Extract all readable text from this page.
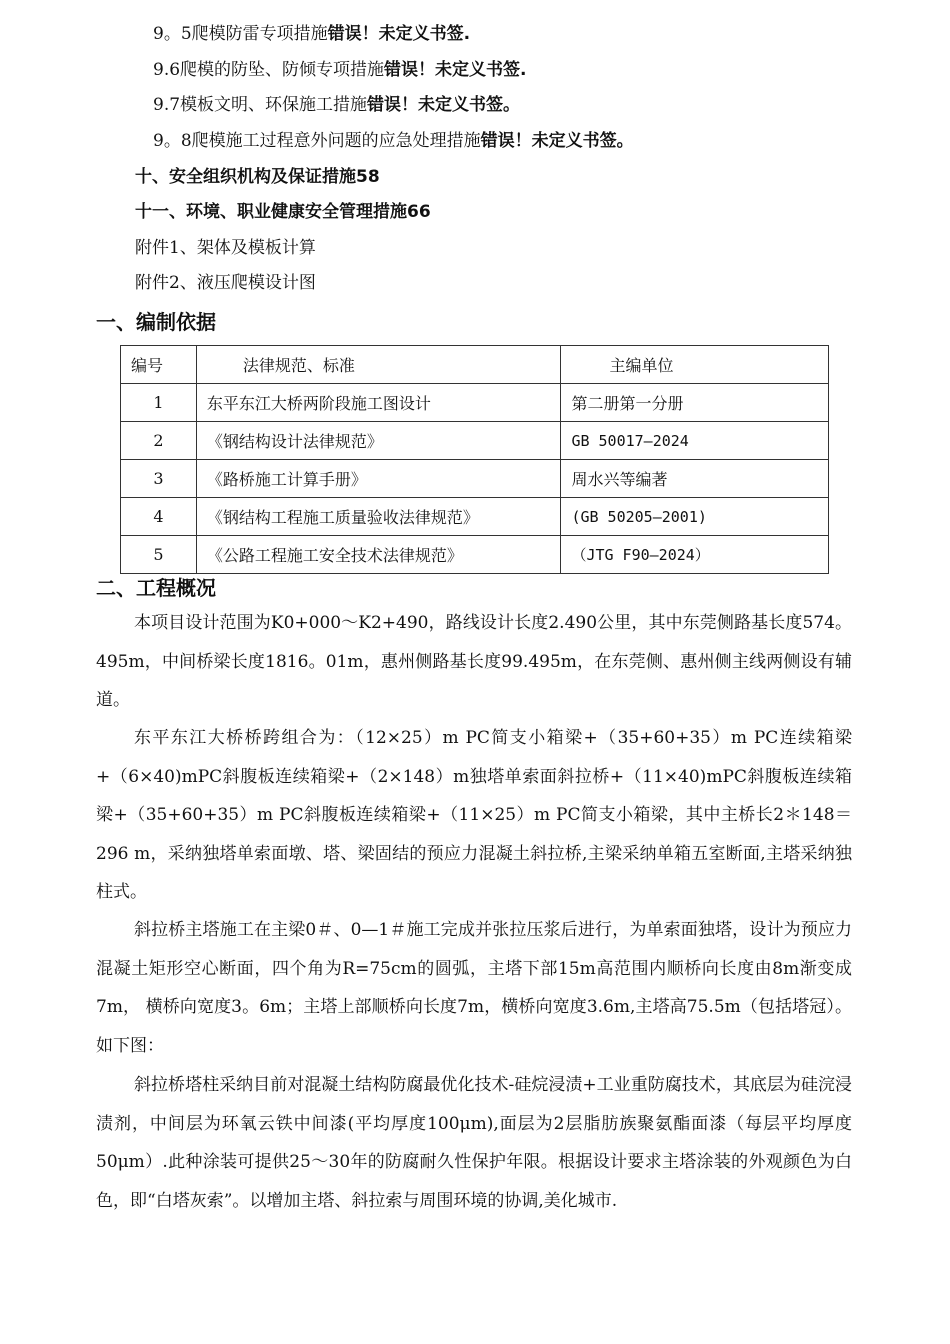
9。5爬模防雷专项措施错误！未定义书签.
9.6爬模的防坠、防倾专项措施错误！未定义书签.
9.7模板文明、环保施工措施错误！未定义书签。
9。8爬模施工过程意外问题的应急处理措施错误！未定义书签。
十、安全组织机构及保证措施58
十一、环境、职业健康安全管理措施66
附件1、架体及模板计算
附件2、液压爬模设计图
一、编制依据
编号	法律规范、标准	主编单位
1	东平东江大桥两阶段施工图设计	第二册第一分册
2	《钢结构设计法律规范》	GB 50017—2024
3	《路桥施工计算手册》	周水兴等编著
4	《钢结构工程施工质量验收法律规范》	(GB 50205—2001)
5	《公路工程施工安全技术法律规范》	（JTG F90—2024）
二、工程概况

本项目设计范围为K0+000～K2+490，路线设计长度2.490公里，其中东莞侧路基长度574。495m，中间桥梁长度1816。01m，惠州侧路基长度99.495m，在东莞侧、惠州侧主线两侧设有辅道。

东平东江大桥桥跨组合为：（12×25）m PC简支小箱梁+（35+60+35）m PC连续箱梁+（6×40)mPC斜腹板连续箱梁+（2×148）m独塔单索面斜拉桥+（11×40)mPC斜腹板连续箱梁+（35+60+35）m PC斜腹板连续箱梁+（11×25）m PC简支小箱梁，其中主桥长2＊148＝296 m，采纳独塔单索面墩、塔、梁固结的预应力混凝土斜拉桥,主梁采纳单箱五室断面,主塔采纳独柱式。

斜拉桥主塔施工在主梁0＃、0—1＃施工完成并张拉压浆后进行，为单索面独塔，设计为预应力混凝土矩形空心断面，四个角为R=75cm的圆弧，主塔下部15m高范围内顺桥向长度由8m渐变成7m， 横桥向宽度3。6m；主塔上部顺桥向长度7m，横桥向宽度3.6m,主塔高75.5m（包括塔冠）。如下图：

斜拉桥塔柱采纳目前对混凝土结构防腐最优化技术-硅烷浸渍+工业重防腐技术，其底层为硅浣浸渍剂，中间层为环氧云铁中间漆(平均厚度100μm),面层为2层脂肪族聚氨酯面漆（每层平均厚度50μm）.此种涂装可提供25～30年的防腐耐久性保护年限。根据设计要求主塔涂装的外观颜色为白色，即“白塔灰索”。以增加主塔、斜拉索与周围环境的协调,美化城市.
